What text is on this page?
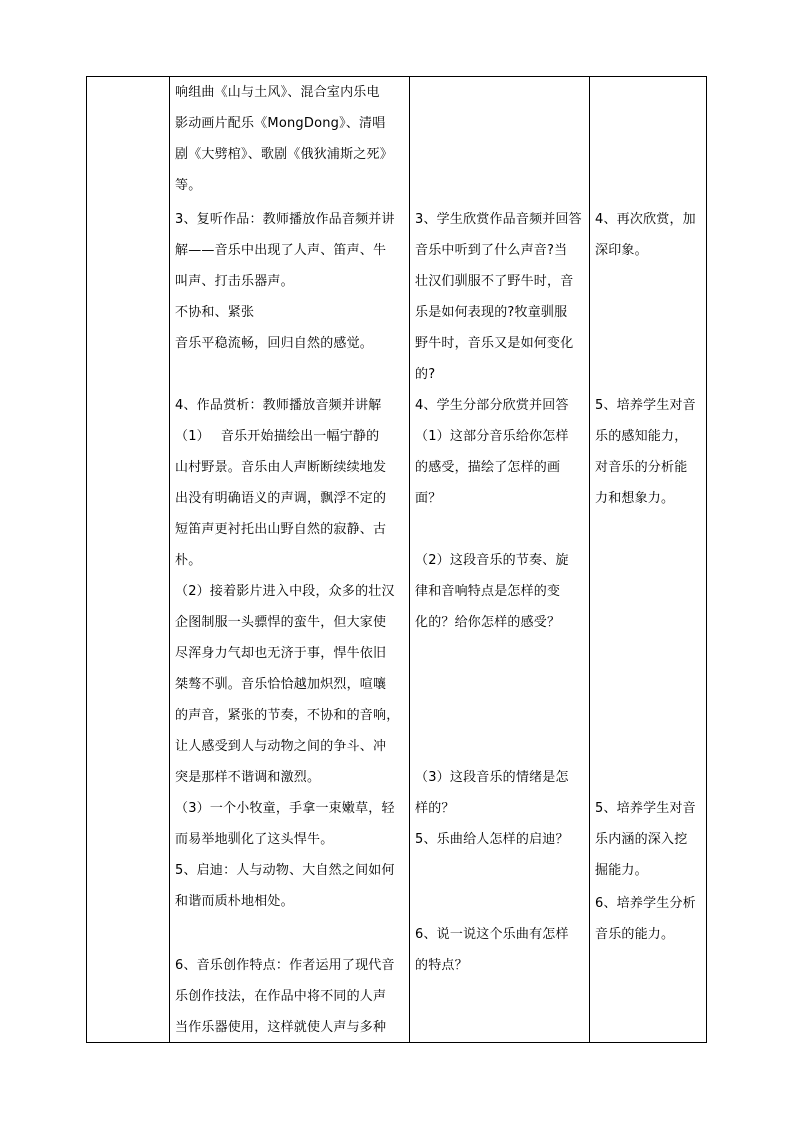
响组曲《山与土风》、混合室内乐电
影动画片配乐《MongDong》、清唱
剧《大劈棺》、歌剧《俄狄浦斯之死》
等。
3、复听作品：教师播放作品音频并讲
解——音乐中出现了人声、笛声、牛
叫声、打击乐器声。
不协和、紧张
音乐平稳流畅，回归自然的感觉。
4、作品赏析：教师播放音频并讲解
（1）　 音乐开始描绘出一幅宁静的
山村野景。音乐由人声断断续续地发
出没有明确语义的声调，飘浮不定的
短笛声更衬托出山野自然的寂静、古
朴。
（2）接着影片进入中段，众多的壮汉
企图制服一头骠悍的蛮牛，但大家使
尽浑身力气却也无济于事，悍牛依旧
桀骜不驯。音乐恰恰越加炽烈，喧嚷
的声音，紧张的节奏，不协和的音响，
让人感受到人与动物之间的争斗、冲
突是那样不谐调和激烈。
（3）一个小牧童，手拿一束嫩草，轻
而易举地驯化了这头悍牛。
5、启迪：人与动物、大自然之间如何
和谐而质朴地相处。
6、音乐创作特点：作者运用了现代音
乐创作技法，在作品中将不同的人声
当作乐器使用，这样就使人声与多种
3、学生欣赏作品音频并回答
音乐中听到了什么声音?当
壮汉们驯服不了野牛时，音
乐是如何表现的?牧童驯服
野牛时，音乐又是如何变化
的?
4、学生分部分欣赏并回答
（1）这部分音乐给你怎样
的感受，描绘了怎样的画
面？
（2）这段音乐的节奏、旋
律和音响特点是怎样的变
化的？给你怎样的感受？
（3）这段音乐的情绪是怎
样的？
5、乐曲给人怎样的启迪？
6、说一说这个乐曲有怎样
的特点？
4、再次欣赏，加
深印象。
5、培养学生对音
乐的感知能力，
对音乐的分析能
力和想象力。
5、培养学生对音
乐内涵的深入挖
掘能力。
6、培养学生分析
音乐的能力。
